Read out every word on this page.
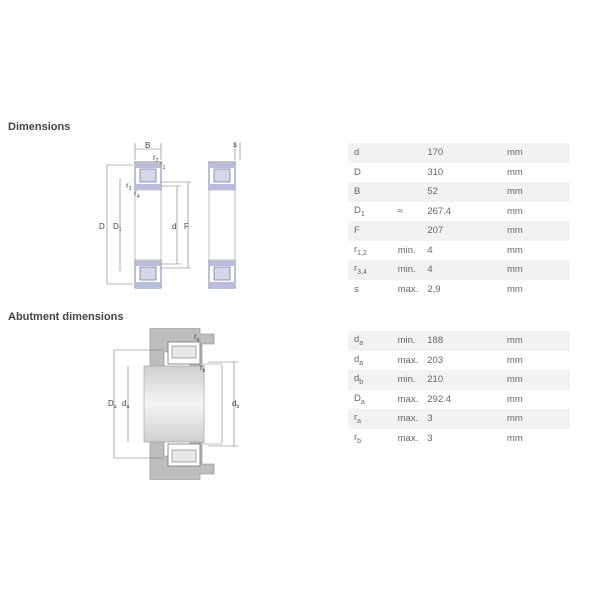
Dimensions
Abutment dimensions
B
$r_2$ $r_1$
$r_3$ $r_4$
D $D_1$	d F
s
d		170	mm
D		310	mm
B		52	mm
$D_1$	≈	267.4	mm
F		207	mm
$r_{1,2}$	min.	4	mm
$r_{3,4}$	min.	4	mm
s	max.	2,9	mm
$D_a$ $d_a$	$d_b$
$r_a$
$r_b$
$d_a$	min.	188	mm
$d_a$	max.	203	mm
$d_b$	min.	210	mm
$D_a$	max.	292.4	mm
$r_a$	max.	3	mm
$r_b$	max.	3	mm
